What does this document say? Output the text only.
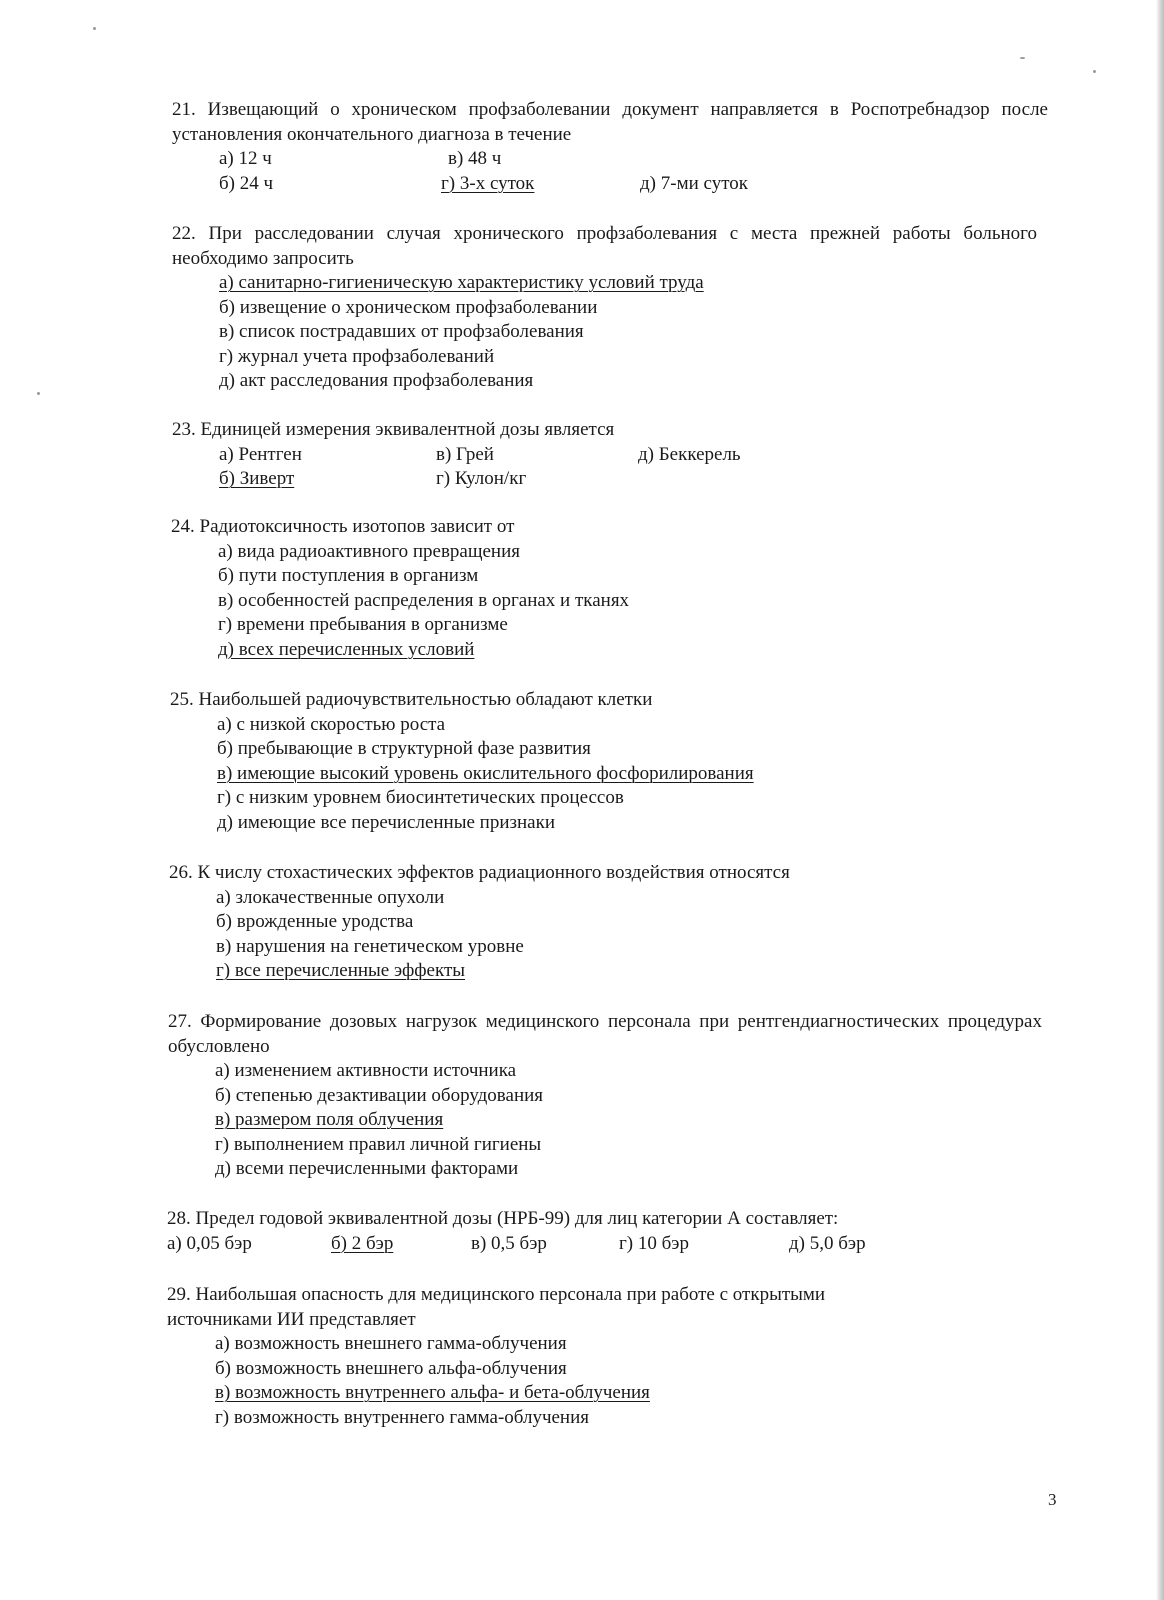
21. Извещающий о хроническом профзаболевании документ направляется в Роспотребнадзор после установления окончательного диагноза в течение
а) 12 ч	в) 48 ч
б) 24 ч	г) 3-х суток	д) 7-ми суток
22. При расследовании случая хронического профзаболевания с места прежней работы больного необходимо запросить
а) санитарно-гигиеническую характеристику условий труда
б) извещение о хроническом профзаболевании
в) список пострадавших от профзаболевания
г) журнал учета профзаболеваний
д) акт расследования профзаболевания
23. Единицей измерения эквивалентной дозы является
а) Рентген	в) Грей	д) Беккерель
б) Зиверт	г) Кулон/кг
24. Радиотоксичность изотопов зависит от
а) вида радиоактивного превращения
б) пути поступления в организм
в) особенностей распределения в органах и тканях
г) времени пребывания в организме
д) всех перечисленных условий
25. Наибольшей радиочувствительностью обладают клетки
а) с низкой скоростью роста
б) пребывающие в структурной фазе развития
в) имеющие высокий уровень окислительного фосфорилирования
г) с низким уровнем биосинтетических процессов
д) имеющие все перечисленные признаки
26. К числу стохастических эффектов радиационного воздействия относятся
а) злокачественные опухоли
б) врожденные уродства
в) нарушения на генетическом уровне
г) все перечисленные эффекты
27. Формирование дозовых нагрузок медицинского персонала при рентгендиагностических процедурах обусловлено
а) изменением активности источника
б) степенью дезактивации оборудования
в) размером поля облучения
г) выполнением правил личной гигиены
д) всеми перечисленными факторами
28. Предел годовой эквивалентной дозы (НРБ-99) для лиц категории А составляет:
а) 0,05 бэр	б) 2 бэр	в) 0,5 бэр	г) 10 бэр	д) 5,0 бэр
29. Наибольшая опасность для медицинского персонала при работе с открытыми
источниками ИИ представляет
а) возможность внешнего гамма-облучения
б) возможность внешнего альфа-облучения
в) возможность внутреннего альфа- и бета-облучения
г) возможность внутреннего гамма-облучения
3
